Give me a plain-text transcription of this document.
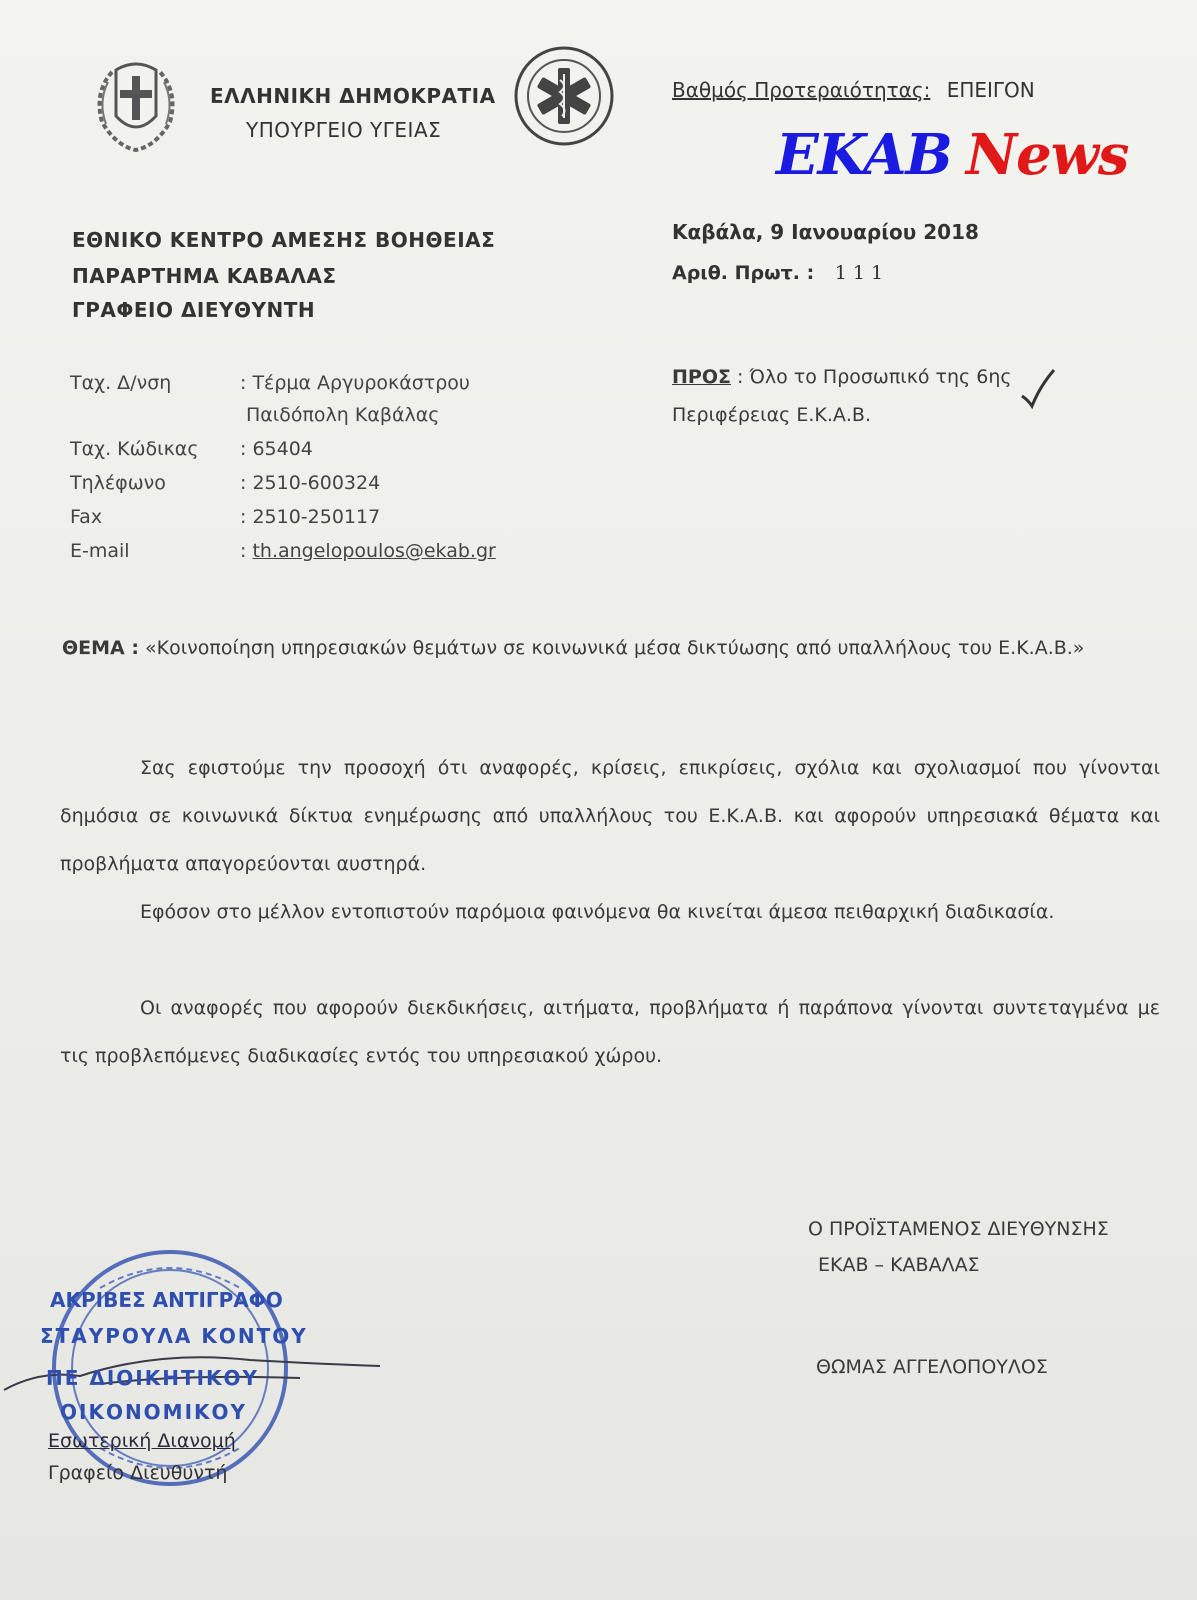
ΕΛΛΗΝΙΚΗ ΔΗΜΟΚΡΑΤΙΑ
ΥΠΟΥΡΓΕΙΟ ΥΓΕΙΑΣ
Βαθμός Προτεραιότητας: ΕΠΕΙΓΟΝ
EKAB News
ΕΘΝΙΚΟ ΚΕΝΤΡΟ ΑΜΕΣΗΣ ΒΟΗΘΕΙΑΣ
ΠΑΡΑΡΤΗΜΑ ΚΑΒΑΛΑΣ
ΓΡΑΦΕΙΟ ΔΙΕΥΘΥΝΤΗ
Καβάλα, 9 Ιανουαρίου 2018
Αριθ. Πρωτ. : 111
Ταχ. Δ/νση	: Τέρμα Αργυροκάστρου
Παιδόπολη Καβάλας
Ταχ. Κώδικας : 65404
Τηλέφωνο	: 2510-600324
Fax	: 2510-250117
E-mail	: th.angelopoulos@ekab.gr
ΠΡΟΣ : Όλο το Προσωπικό της 6ης
Περιφέρειας Ε.Κ.Α.Β.
ΘΕΜΑ : «Κοινοποίηση υπηρεσιακών θεμάτων σε κοινωνικά μέσα δικτύωσης από υπαλλήλους του Ε.Κ.Α.Β.»
Σας εφιστούμε την προσοχή ότι αναφορές, κρίσεις, επικρίσεις, σχόλια και σχολιασμοί που γίνονται δημόσια σε κοινωνικά δίκτυα ενημέρωσης από υπαλλήλους του Ε.Κ.Α.Β. και αφορούν υπηρεσιακά θέματα και προβλήματα απαγορεύονται αυστηρά.
Εφόσον στο μέλλον εντοπιστούν παρόμοια φαινόμενα θα κινείται άμεσα πειθαρχική διαδικασία.
Οι αναφορές που αφορούν διεκδικήσεις, αιτήματα, προβλήματα ή παράπονα γίνονται συντεταγμένα με τις προβλεπόμενες διαδικασίες εντός του υπηρεσιακού χώρου.
Ο ΠΡΟΪΣΤΑΜΕΝΟΣ ΔΙΕΥΘΥΝΣΗΣ
ΕΚΑΒ – ΚΑΒΑΛΑΣ
ΘΩΜΑΣ ΑΓΓΕΛΟΠΟΥΛΟΣ
ΑΚΡΙΒΕΣ ΑΝΤΙΓΡΑΦΟ
ΣΤΑΥΡΟΥΛΑ ΚΟΝΤΟΥ
ΠΕ ΔΙΟΙΚΗΤΙΚΟΥ
ΟΙΚΟΝΟΜΙΚΟΥ
Εσωτερική Διανομή
Γραφείο Διευθυντή
